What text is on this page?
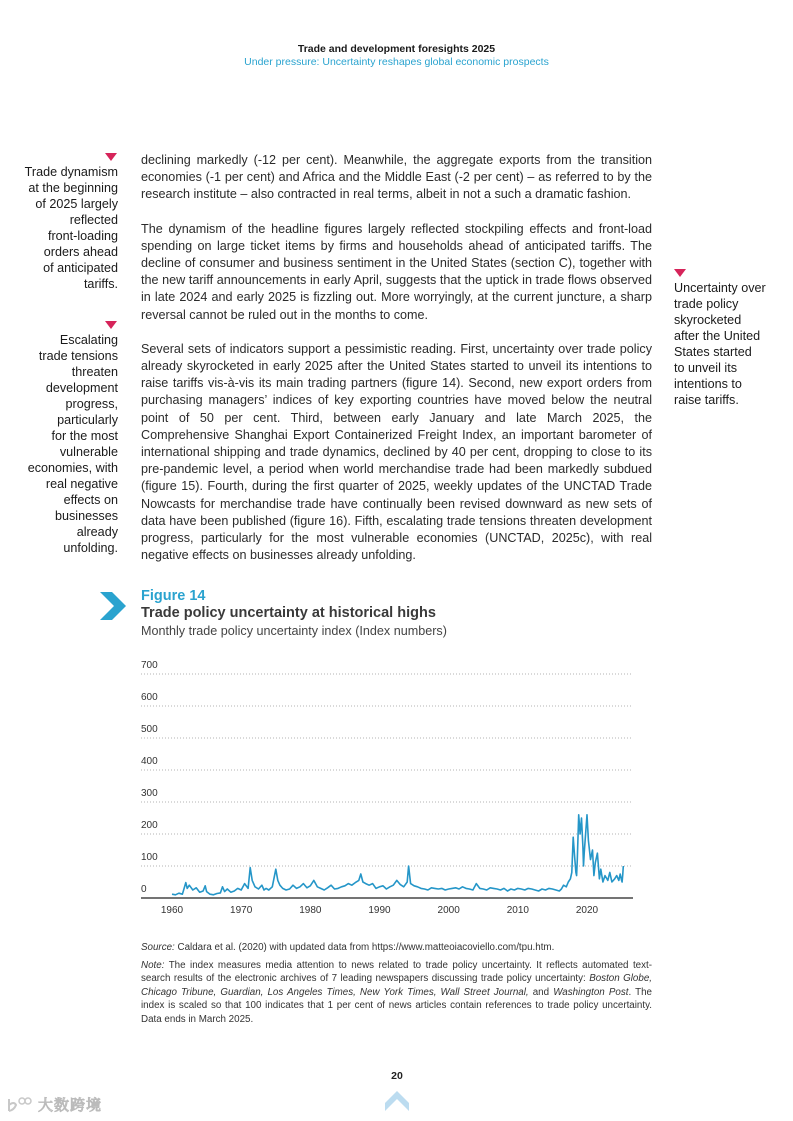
Trade and development foresights 2025
Under pressure: Uncertainty reshapes global economic prospects
Trade dynamism
at the beginning
of 2025 largely
reflected
front-loading
orders ahead
of anticipated
tariffs.
Escalating
trade tensions
threaten
development
progress,
particularly
for the most
vulnerable
economies, with
real negative
effects on
businesses
already
unfolding.
Uncertainty over
trade policy
skyrocketed
after the United
States started
to unveil its
intentions to
raise tariffs.

declining markedly (-12 per cent). Meanwhile, the aggregate exports from the transition economies (-1 per cent) and Africa and the Middle East (-2 per cent) – as referred to by the research institute – also contracted in real terms, albeit in not a such a dramatic fashion.

The dynamism of the headline figures largely reflected stockpiling effects and front-load spending on large ticket items by firms and households ahead of anticipated tariffs. The decline of consumer and business sentiment in the United States (section C), together with the new tariff announcements in early April, suggests that the uptick in trade flows observed in late 2024 and early 2025 is fizzling out. More worryingly, at the current juncture, a sharp reversal cannot be ruled out in the months to come.

Several sets of indicators support a pessimistic reading. First, uncertainty over trade policy already skyrocketed in early 2025 after the United States started to unveil its intentions to raise tariffs vis-à-vis its main trading partners (figure 14). Second, new export orders from purchasing managers’ indices of key exporting countries have moved below the neutral point of 50 per cent. Third, between early January and late March 2025, the Comprehensive Shanghai Export Containerized Freight Index, an important barometer of international shipping and trade dynamics, declined by 40 per cent, dropping to close to its pre-pandemic level, a period when world merchandise trade had been markedly subdued (figure 15). Fourth, during the first quarter of 2025, weekly updates of the UNCTAD Trade Nowcasts for merchandise trade have continually been revised downward as new sets of data have been published (figure 16). Fifth, escalating trade tensions threaten development progress, particularly for the most vulnerable economies (UNCTAD, 2025c), with real negative effects on businesses already unfolding.

Figure 14
Trade policy uncertainty at historical highs
Monthly trade policy uncertainty index (Index numbers)
0
100
200
300
400
500
600
700
1960	1970	1980	1990	2000	2010	2020
Source: Caldara et al. (2020) with updated data from https://www.matteoiacoviello.com/tpu.htm.
Note: The index measures media attention to news related to trade policy uncertainty. It reflects automated text-search results of the electronic archives of 7 leading newspapers discussing trade policy uncertainty: Boston Globe, Chicago Tribune, Guardian, Los Angeles Times, New York Times, Wall Street Journal, and Washington Post. The index is scaled so that 100 indicates that 1 per cent of news articles contain references to trade policy uncertainty. Data ends in March 2025.
20
大数跨境
